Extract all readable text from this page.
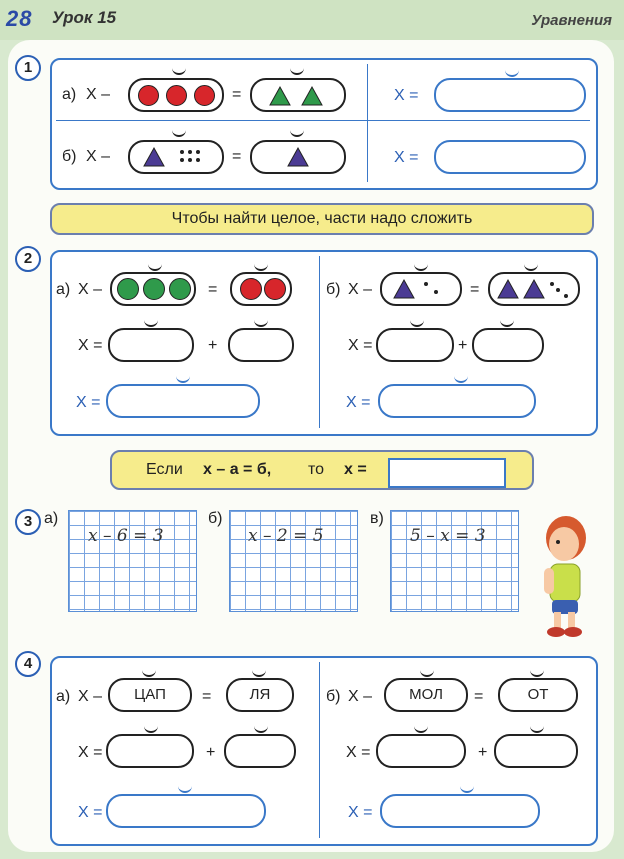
28 Урок 15	Уравнения
1
а) X –	=	X =
б) X –	=	X =
Чтобы найти целое, части надо сложить
2
а) X –	=
X =	+
X =
б) X –	=
X =	+
X =
Если x – a = б, то x =
3 а)
x – 6 = 3
б)
x – 2 = 5
в)
5 – x = 3
4
а) X –	ЦАП	=	ЛЯ
X =	+
X =
б) X –	МОЛ	=	ОТ
X =	+
X =
